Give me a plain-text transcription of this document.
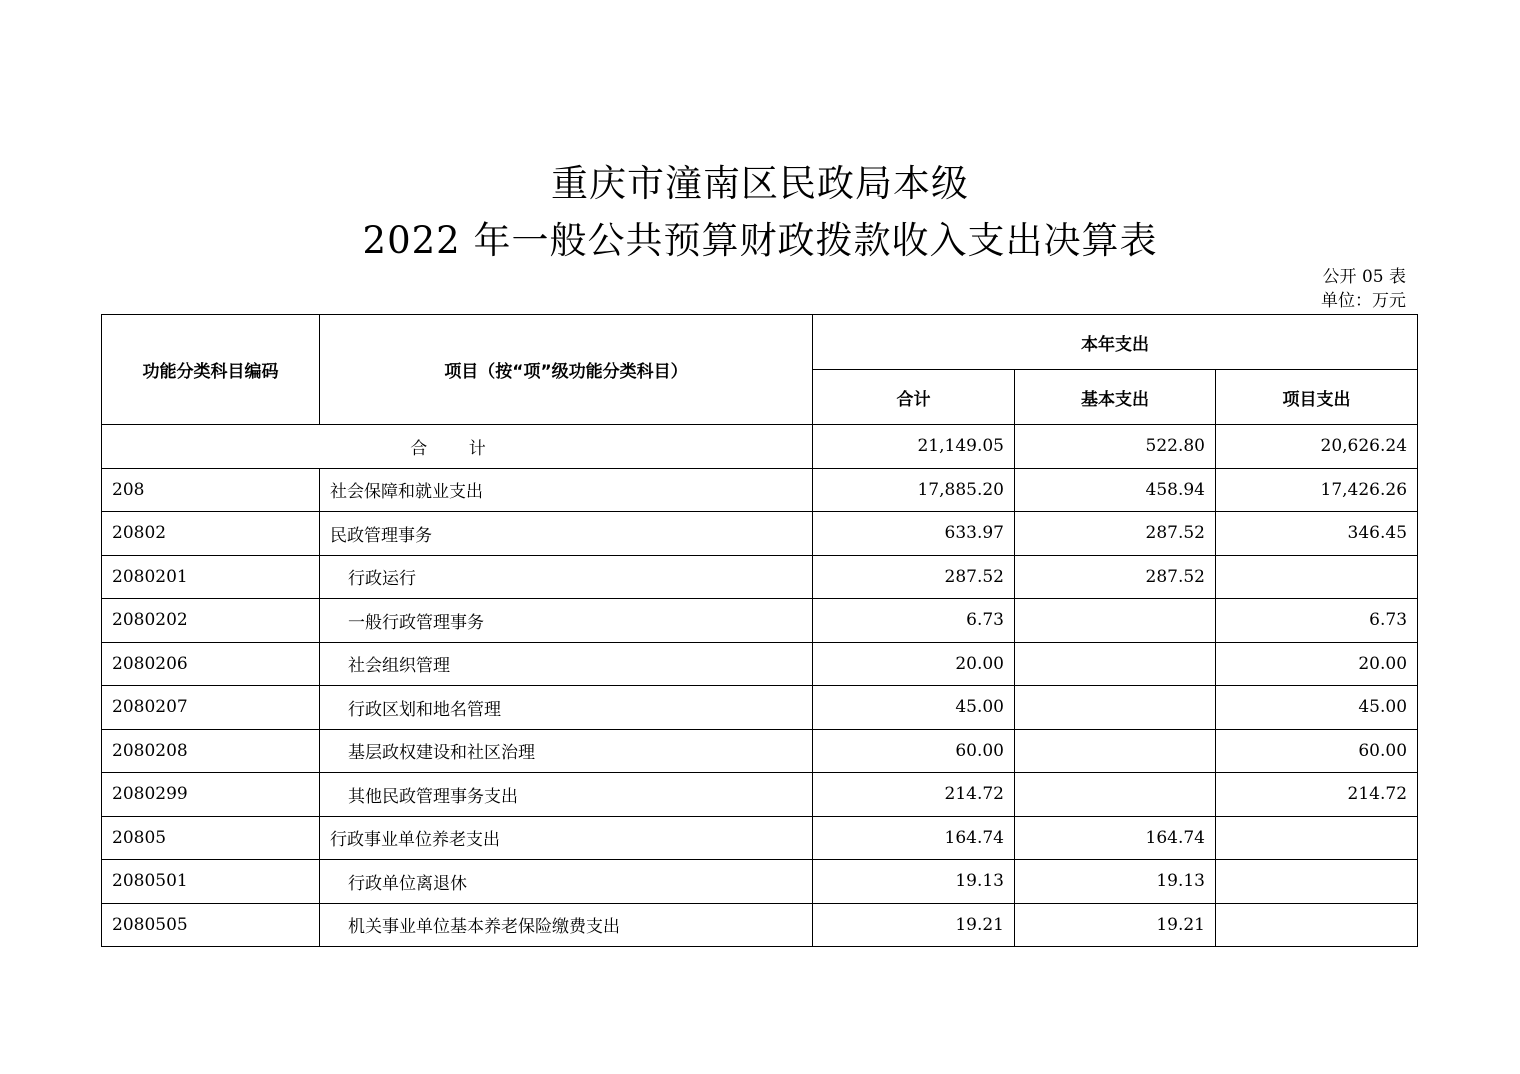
重庆市潼南区民政局本级
2022 年一般公共预算财政拨款收入支出决算表
公开 05 表
单位：万元
功能分类科目编码	项目（按“项”级功能分类科目）	本年支出		
		合计	基本支出	项目支出
合 计		21,149.05	522.80	20,626.24
208	社会保障和就业支出	17,885.20	458.94	17,426.26
20802	民政管理事务	633.97	287.52	346.45
2080201	行政运行	287.52	287.52	
2080202	一般行政管理事务	6.73		6.73
2080206	社会组织管理	20.00		20.00
2080207	行政区划和地名管理	45.00		45.00
2080208	基层政权建设和社区治理	60.00		60.00
2080299	其他民政管理事务支出	214.72		214.72
20805	行政事业单位养老支出	164.74	164.74	
2080501	行政单位离退休	19.13	19.13	
2080505	机关事业单位基本养老保险缴费支出	19.21	19.21	
